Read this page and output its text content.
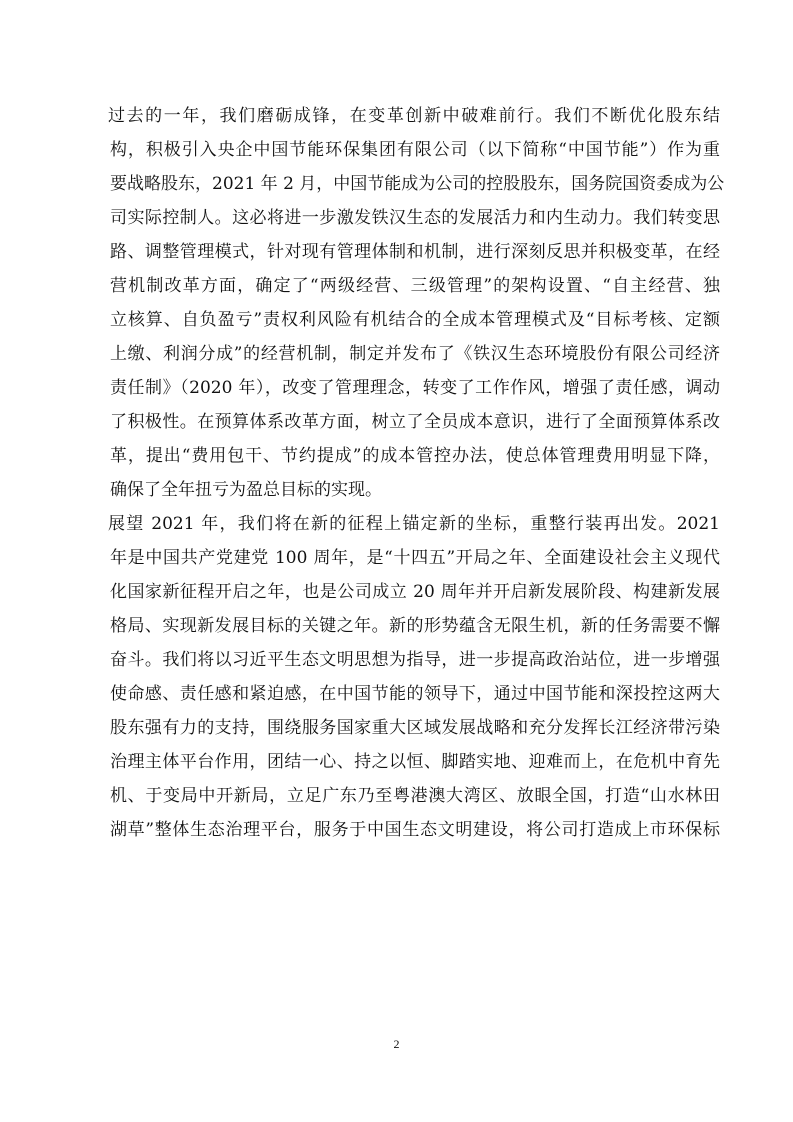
过去的一年，我们磨砺成锋，在变革创新中破难前行。我们不断优化股东结
构，积极引入央企中国节能环保集团有限公司（以下简称“中国节能”）作为重
要战略股东，2021 年 2 月，中国节能成为公司的控股股东，国务院国资委成为公
司实际控制人。这必将进一步激发铁汉生态的发展活力和内生动力。我们转变思
路、调整管理模式，针对现有管理体制和机制，进行深刻反思并积极变革，在经
营机制改革方面，确定了“两级经营、三级管理”的架构设置、“自主经营、独
立核算、自负盈亏”责权利风险有机结合的全成本管理模式及“目标考核、定额
上缴、利润分成”的经营机制，制定并发布了《铁汉生态环境股份有限公司经济
责任制》（2020 年），改变了管理理念，转变了工作作风，增强了责任感，调动
了积极性。在预算体系改革方面，树立了全员成本意识，进行了全面预算体系改
革，提出“费用包干、节约提成”的成本管控办法，使总体管理费用明显下降，
确保了全年扭亏为盈总目标的实现。
展望 2021 年，我们将在新的征程上锚定新的坐标，重整行装再出发。2021
年是中国共产党建党 100 周年，是“十四五”开局之年、全面建设社会主义现代
化国家新征程开启之年，也是公司成立 20 周年并开启新发展阶段、构建新发展
格局、实现新发展目标的关键之年。新的形势蕴含无限生机，新的任务需要不懈
奋斗。我们将以习近平生态文明思想为指导，进一步提高政治站位，进一步增强
使命感、责任感和紧迫感，在中国节能的领导下，通过中国节能和深投控这两大
股东强有力的支持，围绕服务国家重大区域发展战略和充分发挥长江经济带污染
治理主体平台作用，团结一心、持之以恒、脚踏实地、迎难而上，在危机中育先
机、于变局中开新局，立足广东乃至粤港澳大湾区、放眼全国，打造“山水林田
湖草”整体生态治理平台，服务于中国生态文明建设，将公司打造成上市环保标
2
